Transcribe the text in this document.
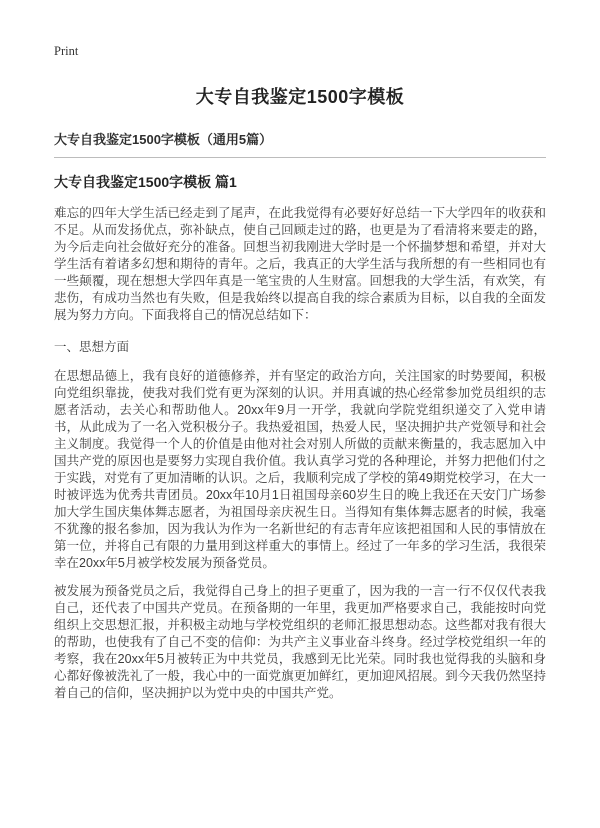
Print
大专自我鉴定1500字模板
大专自我鉴定1500字模板（通用5篇）
大专自我鉴定1500字模板 篇1

难忘的四年大学生活已经走到了尾声，在此我觉得有必要好好总结一下大学四年的收获和不足。从而发扬优点，弥补缺点，使自己回顾走过的路，也更是为了看清将来要走的路，为今后走向社会做好充分的准备。回想当初我刚进大学时是一个怀揣梦想和希望，并对大学生活有着诸多幻想和期待的青年。之后，我真正的大学生活与我所想的有一些相同也有一些颠覆，现在想想大学四年真是一笔宝贵的人生财富。回想我的大学生活，有欢笑，有悲伤，有成功当然也有失败，但是我始终以提高自我的综合素质为目标，以自我的全面发展为努力方向。下面我将自己的情况总结如下：

一、思想方面

在思想品德上，我有良好的道德修养，并有坚定的政治方向，关注国家的时势要闻，积极向党组织靠拢，使我对我们党有更为深刻的认识。并用真诚的热心经常参加党员组织的志愿者活动，去关心和帮助他人。20xx年9月一开学，我就向学院党组织递交了入党申请书，从此成为了一名入党积极分子。我热爱祖国，热爱人民，坚决拥护共产党领导和社会主义制度。我觉得一个人的价值是由他对社会对别人所做的贡献来衡量的，我志愿加入中国共产党的原因也是要努力实现自我价值。我认真学习党的各种理论，并努力把他们付之于实践，对党有了更加清晰的认识。之后，我顺利完成了学校的第49期党校学习，在大一时被评选为优秀共青团员。20xx年10月1日祖国母亲60岁生日的晚上我还在天安门广场参加大学生国庆集体舞志愿者，为祖国母亲庆祝生日。当得知有集体舞志愿者的时候，我毫不犹豫的报名参加，因为我认为作为一名新世纪的有志青年应该把祖国和人民的事情放在第一位，并将自己有限的力量用到这样重大的事情上。经过了一年多的学习生活，我很荣幸在20xx年5月被学校发展为预备党员。

被发展为预备党员之后，我觉得自己身上的担子更重了，因为我的一言一行不仅仅代表我自己，还代表了中国共产党员。在预备期的一年里，我更加严格要求自己，我能按时向党组织上交思想汇报，并积极主动地与学校党组织的老师汇报思想动态。这些都对我有很大的帮助，也使我有了自己不变的信仰：为共产主义事业奋斗终身。经过学校党组织一年的考察，我在20xx年5月被转正为中共党员，我感到无比光荣。同时我也觉得我的头脑和身心都好像被洗礼了一般，我心中的一面党旗更加鲜红，更加迎风招展。到今天我仍然坚持着自己的信仰，坚决拥护以为党中央的中国共产党。
